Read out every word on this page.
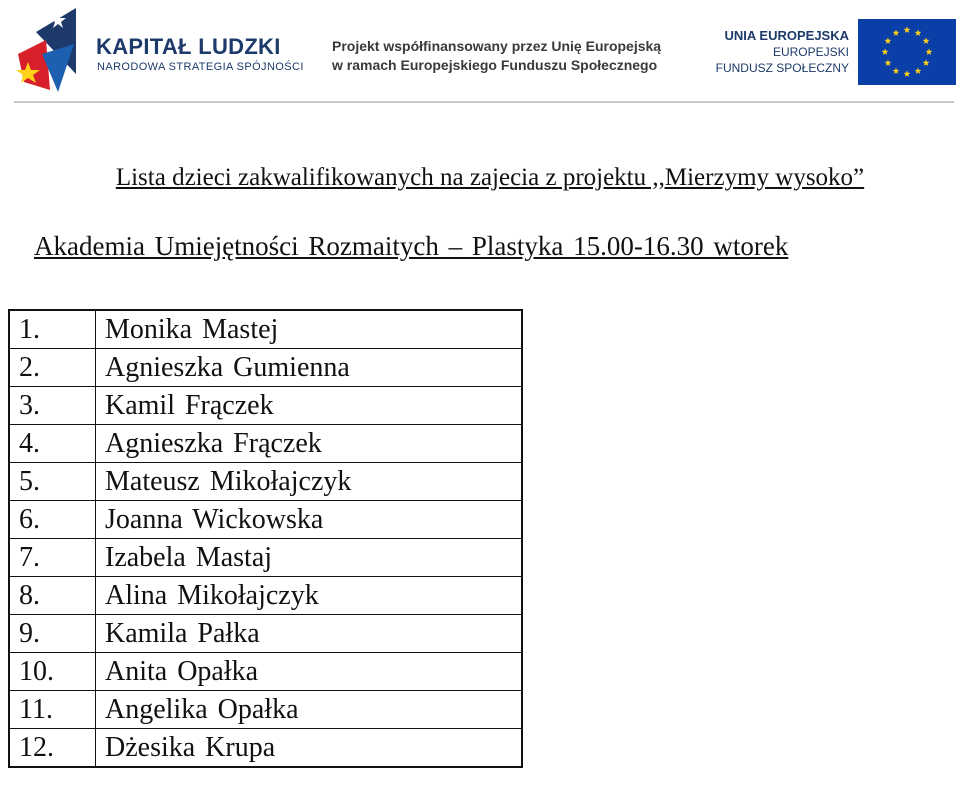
KAPITAŁ LUDZKI
NARODOWA STRATEGIA SPÓJNOŚCI
Projekt współfinansowany przez Unię Europejską
w ramach Europejskiego Funduszu Społecznego
UNIA EUROPEJSKA
EUROPEJSKI
FUNDUSZ SPOŁECZNY
Lista dzieci zakwalifikowanych na zajecia z projektu ,,Mierzymy wysoko”
Akademia Umiejętności Rozmaitych – Plastyka 15.00-16.30 wtorek
1.	Monika Mastej
2.	Agnieszka Gumienna
3.	Kamil Frączek
4.	Agnieszka Frączek
5.	Mateusz Mikołajczyk
6.	Joanna Wickowska
7.	Izabela Mastaj
8.	Alina Mikołajczyk
9.	Kamila Pałka
10.	Anita Opałka
11.	Angelika Opałka
12.	Dżesika Krupa
